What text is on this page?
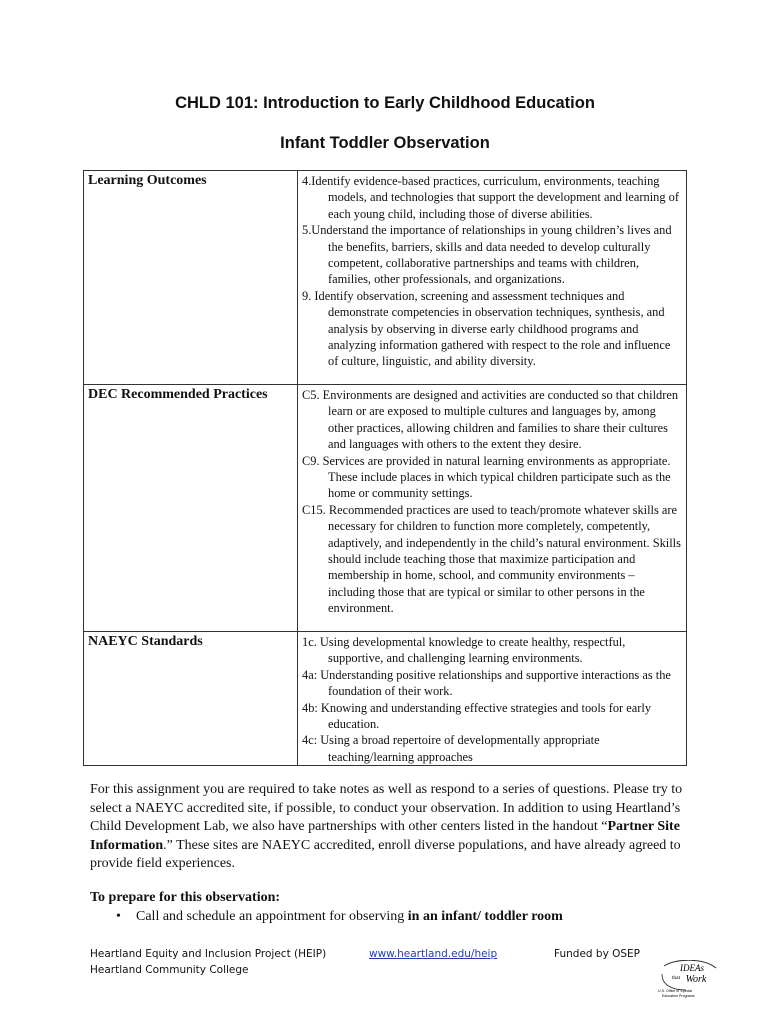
CHLD 101: Introduction to Early Childhood Education
Infant Toddler Observation
Learning Outcomes	4.Identify evidence-based practices, curriculum, environments, teaching models, and technologies that support the development and learning of each young child, including those of diverse abilities.

5.Understand the importance of relationships in young children’s lives and the benefits, barriers, skills and data needed to develop culturally competent, collaborative partnerships and teams with children, families, other professionals, and organizations.

9. Identify observation, screening and assessment techniques and demonstrate competencies in observation techniques, synthesis, and analysis by observing in diverse early childhood programs and analyzing information gathered with respect to the role and influence of culture, linguistic, and ability diversity.

DEC Recommended Practices	C5. Environments are designed and activities are conducted so that children learn or are exposed to multiple cultures and languages by, among other practices, allowing children and families to share their cultures and languages with others to the extent they desire.

C9. Services are provided in natural learning environments as appropriate. These include places in which typical children participate such as the home or community settings.

C15. Recommended practices are used to teach/promote whatever skills are necessary for children to function more completely, competently, adaptively, and independently in the child’s natural environment. Skills should include teaching those that maximize participation and membership in home, school, and community environments – including those that are typical or similar to other persons in the environment.

NAEYC Standards	1c. Using developmental knowledge to create healthy, respectful, supportive, and challenging learning environments.

4a: Understanding positive relationships and supportive interactions as the foundation of their work.

4b: Knowing and understanding effective strategies and tools for early education.

4c: Using a broad repertoire of developmentally appropriate teaching/learning approaches

For this assignment you are required to take notes as well as respond to a series of questions. Please try to select a NAEYC accredited site, if possible, to conduct your observation. In addition to using Heartland’s Child Development Lab, we also have partnerships with other centers listed in the handout “Partner Site Information.” These sites are NAEYC accredited, enroll diverse populations, and have already agreed to provide field experiences.

To prepare for this observation:
• Call and schedule an appointment for observing in an infant/ toddler room
Heartland Equity and Inclusion Project (HEIP)
Heartland Community College
www.heartland.edu/heip	Funded by OSEP
IDEAs
that Work
U.S. Office of Special
Education Programs
